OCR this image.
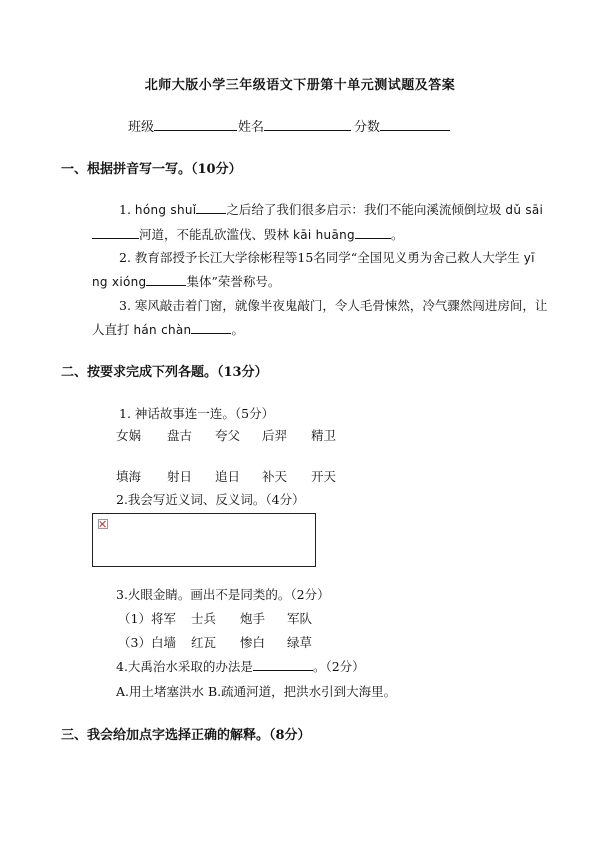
北师大版小学三年级语文下册第十单元测试题及答案
班级	姓名	分数
一、根据拼音写一写。（10分）
1. hóng shuǐ 之后给了我们很多启示：我们不能向溪流倾倒垃圾 dǔ sāi
河道，不能乱砍滥伐、毁林 kāi huāng	。
2. 教育部授予长江大学徐彬程等15名同学“全国见义勇为舍己救人大学生 yī
ng xióng	集体”荣誉称号。
3. 寒风敲击着门窗，就像半夜鬼敲门，令人毛骨悚然，冷气骤然闯进房间，让
人直打 hán chàn	。
二、按要求完成下列各题。（13分）
1. 神话故事连一连。（5分）
女娲 盘古 夸父 后羿 精卫
填海 射日 追日 补天 开天
2.我会写近义词、反义词。（4分）
3.火眼金睛。画出不是同类的。（2分）
（1）将军 士兵 炮手 军队
（3）白墙 红瓦 惨白 绿草
4.大禹治水采取的办法是	。（2分）
A.用土堵塞洪水 B.疏通河道，把洪水引到大海里。
三、我会给加点字选择正确的解释。（8分）
